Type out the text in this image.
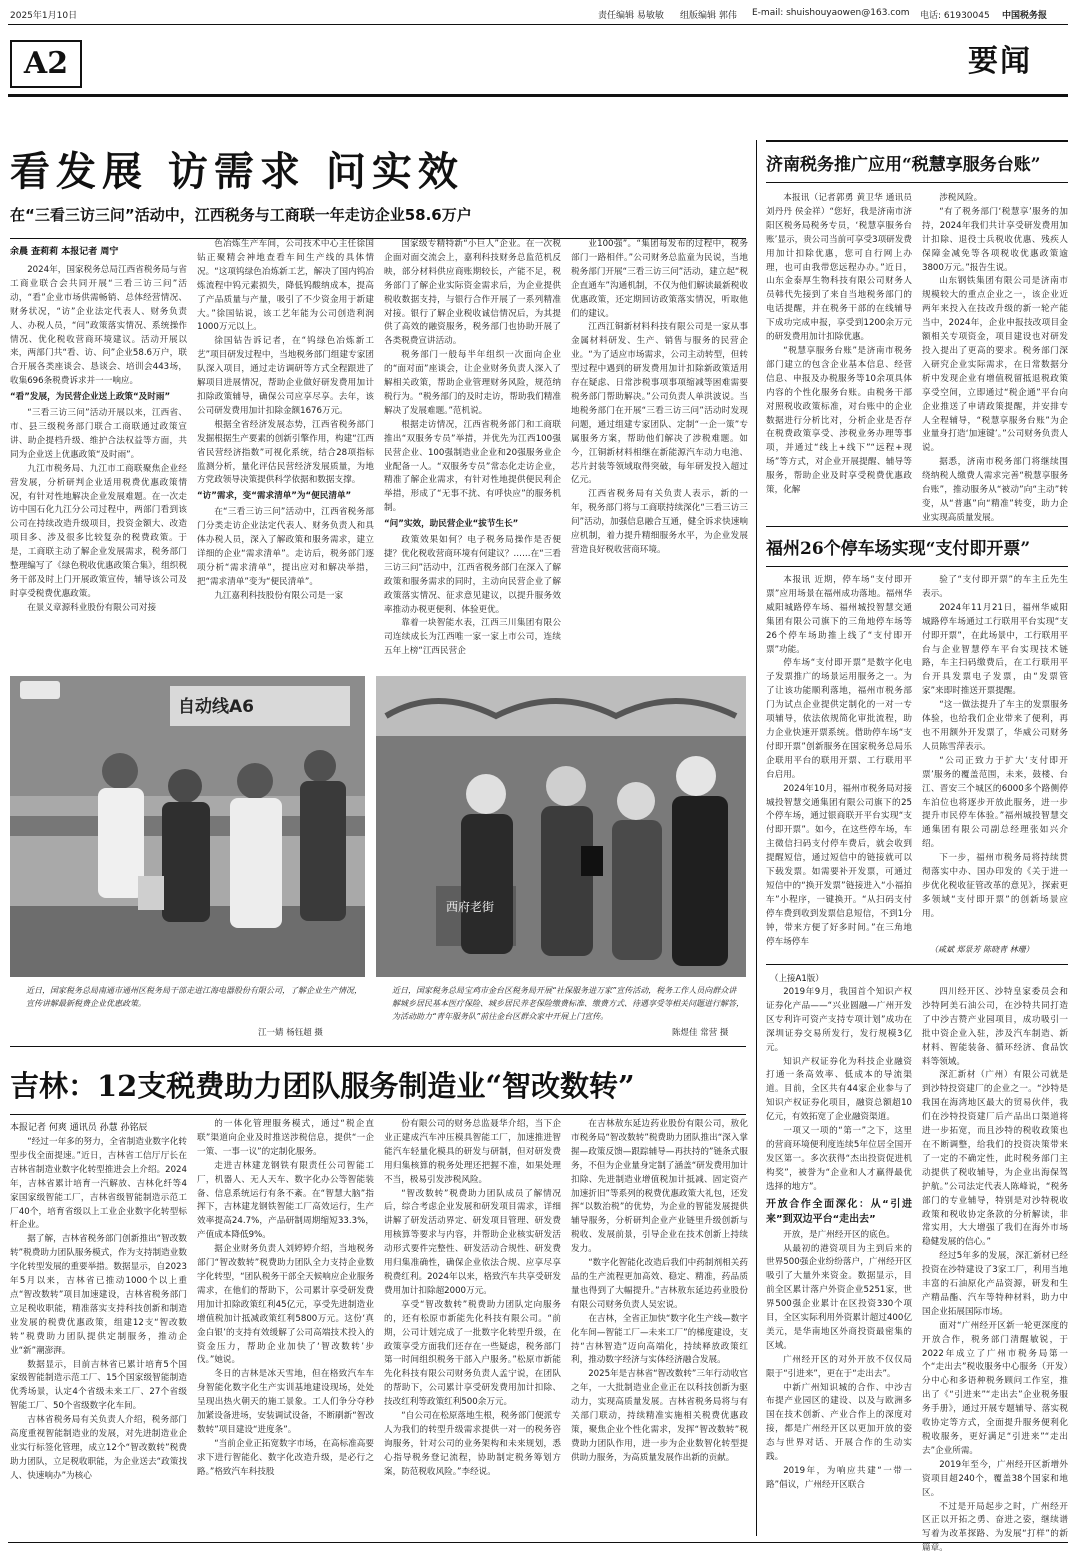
2025年1月10日	责任编辑 易敏敏 组版编辑 郭伟 E-mail: shuishouyaowen@163.com 电话: 61930045 中国税务报
A2	要闻
看发展 访需求 问实效
在“三看三访三问”活动中，江西税务与工商联一年走访企业58.6万户
余晨 查莉莉 本报记者 周宁

2024年，国家税务总局江西省税务局与省工商业联合会共同开展“三看三访三问”活动，“看”企业市场供需畅销、总体经营情况、财务状况，“访”企业法定代表人、财务负责人、办税人员，“问”政策落实情况、系统操作情况、优化税收营商环境建议。活动开展以来，两部门共“看、访、问”企业58.6万户，联合开展各类座谈会、恳谈会、培训会443场，收集696条税费诉求并一一响应。

“看”发展，为民营企业送上政策“及时雨”

“三看三访三问”活动开展以来，江西省、市、县三级税务部门联合工商联通过政策宣讲、助企提档升级、维护合法权益等方面，共同为企业送上优惠政策“及时雨”。

九江市税务局、九江市工商联聚焦企业经营发展，分析研判企业适用税费优惠政策情况，有针对性地解决企业发展难题。在一次走访中国石化九江分公司过程中，两部门看到该公司在持续改造升级项目，投资金额大、改造项目多、涉及很多比较复杂的税费政策。于是，工商联主动了解企业发展需求，税务部门整理编写了《绿色税收优惠政策合集》，组织税务干部及时上门开展政策宣传，辅导该公司及时享受税费优惠政策。

在景义章源科业股份有限公司对接

色冶炼生产车间，公司技术中心主任徐国钻正聚精会神地查看车间生产线的具体情况。“这项钨绿色冶炼新工艺，解决了国内钨冶炼流程中钨元素损失，降低钨酸纳成本，提高了产品质量与产量，吸引了不少资金用于新建大。”徐国钻说，该工艺年能为公司创造利润1000万元以上。

徐国钻告诉记者，在“钨绿色冶炼新工艺”项目研发过程中，当地税务部门组建专家团队深入项目，通过走访调研等方式全程跟进了解项目进展情况，帮助企业做好研发费用加计扣除政策辅导，确保公司应享尽享。去年，该公司研发费用加计扣除金额1676万元。

根据全省经济发展态势，江西省税务部门发掘根据生产要素的创新引擎作用，构建“江西省民营经济指数”可视化系统，结合28项指标监测分析，量化评估民营经济发展质量，为地方党政领导决策提供科学依据和数据支撑。

“访”需求，变“需求清单”为“便民清单”

在“三看三访三问”活动中，江西省税务部门分类走访企业法定代表人、财务负责人和具体办税人员，深入了解政策和服务需求，建立详细的企业“需求清单”。走访后，税务部门逐项分析“需求清单”，提出应对和解决举措，把“需求清单”变为“便民清单”。

九江嘉利科技股份有限公司是一家

国家级专精特新“小巨人”企业。在一次税企面对面交流会上，嘉利科技财务总监范机反映，部分材料供应商账期较长，产能不足，税务部门了解企业实际资金需求后，为企业提供税收数据支持，与银行合作开展了一系列精准对接。银行了解企业税收诚信情况后，为其提供了高效的融资服务，税务部门也协助开展了各类税费宣讲活动。

税务部门一般每半年组织一次面向企业的“面对面”座谈会，让企业财务负责人深入了解相关政策，帮助企业管理财务风险，规范纳税行为。“税务部门的及时走访，帮助我们精准解决了发展难题。”范机说。

根据走访情况，江西省税务部门和工商联推出“双服务专员”举措，并优先为江西100强民营企业、100强制造业企业和20强服务业企业配备一人。“双服务专员”常态化走访企业，精准了解企业需求，有针对性地提供便民利企举措，形成了“无事不扰、有呼快应”的服务机制。

“问”实效，助民营企业“拔节生长”

政策效果如何？电子税务局操作是否便捷？优化税收营商环境有何建议？……在“三看三访三问”活动中，江西省税务部门在深入了解政策和服务需求的同时，主动向民营企业了解政策落实情况、征求意见建议，以提升服务效率推动办税更便利、体验更优。

靠着一块智能水表，江西三川集团有限公司连续成长为江西唯一家一家上市公司，连续五年上榜“江西民营企

业100强”。“集团每发布的过程中，税务部门一路相伴。”公司财务总监童为民说，当地税务部门开展“三看三访三问”活动，建立起“税企直通车”沟通机制，不仅为他们解读最新税收优惠政策，还定期回访政策落实情况，听取他们的建议。

江西江铜新材料科技有限公司是一家从事金属材料研发、生产、销售与服务的民营企业。“为了适应市场需求，公司主动转型，但转型过程中遇到的研发费用加计扣除新政策适用存在疑虑、日常涉税事项事项缩减等困难需要税务部门帮助解决。”公司负责人单洪波说。当地税务部门在开展“三看三访三问”活动时发现问题，通过组建专家团队、定制“一企一策”专属服务方案，帮助他们解决了涉税难题。如今，江铜新材料相继在新能源汽车动力电池、芯片封装等领域取得突破，每年研发投入超过亿元。

江西省税务局有关负责人表示，新的一年，税务部门将与工商联持续深化“三看三访三问”活动，加强信息融合互通，健全诉求快速响应机制，着力提升精细服务水平，为企业发展营造良好税收营商环境。

自动线A6
西府老街
近日，国家税务总局南通市通州区税务局干部走进江海电器股份有限公司，了解企业生产情况，宣传讲解最新税费企业优惠政策。
江一婧 杨钰超 摄
近日，国家税务总局宝鸡市金台区税务局开展“社保服务进万家”宣传活动，税务工作人员向群众讲解城乡居民基本医疗保险、城乡居民养老保险缴费标准、缴费方式、待遇享受等相关问题进行解答，为活动助力“青年服务队”前往金台区群众家中开展上门宣传。
陈煜佳 常营 摄
吉林：12支税费助力团队服务制造业“智改数转”
本报记者 何爽 通讯员 孙慧 孙铭辰

“经过一年多的努力，全省制造业数字化转型步伐全面提速。”近日，吉林省工信厅厅长在吉林省制造业数字化转型推进会上介绍。2024年，吉林省累计培育一汽解放、吉林化纤等4家国家级智能工厂，吉林省级智能制造示范工厂40个，培育省级以上工业企业数字化转型标杆企业。

据了解，吉林省税务部门创新推出“智改数转”税费助力团队服务模式，作为支持制造业数字化转型发展的重要举措。数据显示，自2023年5月以来，吉林省已推动1000个以上重点“智改数转”项目加速建设，吉林省税务部门立足税收职能，精准落实支持科技创新和制造业发展的税费优惠政策，组建12支“智改数转”税费助力团队提供定制服务，推动企业“新”潮澎湃。

数据显示，目前吉林省已累计培育5个国家级智能制造示范工厂、15个国家级智能制造优秀场景，认定4个省级未来工厂、27个省级智能工厂、50个省级数字化车间。

吉林省税务局有关负责人介绍，税务部门高度重视智能制造业的发展，对先进制造业企业实行标签化管理，成立12个“智改数转”税费助力团队，立足税收职能，为企业送去“政策找人、快速响办”为核心

的一体化管理服务模式，通过“税企直联”渠道向企业及时推送涉税信息，提供“一企一策、一事一议”的定制化服务。

走进吉林建龙钢铁有限责任公司智能工厂，机器人、无人天车、数字化办公等智能装备、信息系统运行有条不紊。在“智慧大脑”指挥下，吉林建龙钢铁智能工厂高效运行，生产效率提高24.7%，产品研制周期缩短33.3%，产值成本降低9%。

据企业财务负责人刘婷婷介绍，当地税务部门“智改数转”税费助力团队全力支持企业数字化转型，“团队税务干部全天候响应企业服务需求，在他们的帮助下，公司累计享受研发费用加计扣除政策红利45亿元，享受先进制造业增值税加计抵减政策红利5800万元。这份‘真金白银’的支持有效缓解了公司高端技术投入的资金压力，帮助企业加快了‘智改数转’步伐。”她说。

冬日的吉林是冰天雪地，但在格致汽车车身智能化数字化生产实训基地建设现场，处处呈现出热火朝天的施工景象。工人们争分夺秒加紧设备进场，安装调试设备，不断刷新“智改数转”项目建设“进度条”。

“当前企业正拓宽数字市场，在高标准高要求下进行智能化、数字化改造升级，是必行之路。”格致汽车科技股

份有限公司的财务总监聂华介绍，当下企业正建成汽车冲压模具智能工厂，加速推进智能汽车轻量化模具的研发与研制，但对研发费用归集核算的税务处理还把握不准，如果处理不当，极易引发涉税风险。

“智改数转”税费助力团队成员了解情况后，综合考虑企业发展和研发项目需求，详细讲解了研发活动界定、研发项目管理、研发费用核算等要求与内容，并帮助企业核实研发活动形式要件完整性、研发活动合规性、研发费用归集准确性，确保企业依法合规、应享尽享税费红利。2024年以来，格致汽车共享受研发费用加计扣除超2000万元。

享受“智改数转”税费助力团队定向服务的，还有松原市新能先化科技有限公司。“前期，公司计划完成了一批数字化转型升级，在政策享受方面我们还存在一些疑虑，税务部门第一时间组织税务干部入户服务。”松原市新能先化科技有限公司财务负责人孟宁说，在团队的帮助下，公司累计享受研发费用加计扣除、技改红利等政策红利500余万元。

“自公司在松原落地生根，税务部门便派专人为我们的转型升级需求提供一对一的税务咨询服务，针对公司的业务架构和未来规划，悉心指导税务登记流程，协助制定税务筹划方案，防范税收风险。”李经说。

在吉林敖东延边药业股份有限公司，敖化市税务局“智改数转”税费助力团队推出“深入掌握—政策反馈—跟踪辅导—再扶持的”链条式服务，不但为企业量身定制了涵盖“研发费用加计扣除、先进制造业增值税加计抵减、固定资产加速折旧”等系列的税费优惠政策大礼包，还发挥“以数治税”的优势，为企业的智能发展提供辅导服务，分析研判企业产业链里升级创新与税收、发展前景，引导企业在技术创新上持续发力。

“数字化智能化改造后我们中药制剂相关药品的生产流程更加高效、稳定、精准，药品质量也得到了大幅提升。”吉林敖东延边药业股份有限公司财务负责人吴宏说。

在吉林，全省正加快“数字化生产线—数字化车间—智能工厂—未来工厂”的梯度建设，支持“吉林智造”迈向高端化，持续释放政策红利，推动数字经济与实体经济融合发展。

2025年是吉林省“智改数转”三年行动收官之年，一大批制造业企业正在以科技创新为驱动力，实现高质量发展。吉林省税务局将与有关部门联动，持续精准实施相关税费优惠政策，聚焦企业个性化需求，发挥“智改数转”税费助力团队作用，进一步为企业数智化转型提供助力服务，为高质量发展作出新的贡献。

济南税务推广应用“税慧享服务台账”

本报讯（记者郭勇 黄卫华 通讯员刘丹丹 侯金祥）“您好，我是济南市济阳区税务局税务专员，‘税慧享服务台账’显示，贵公司当前可享受3项研发费用加计扣除优惠，您可自行网上办理，也可由我带您远程办办。”近日，山东金泰厚生物科技有限公司财务人员韩代先接到了来自当地税务部门的电话提醒，并在税务干部的在线辅导下成功完成申报，享受到1200余万元的研发费用加计扣除优惠。

“税慧享服务台账”是济南市税务部门建立的包含企业基本信息、经营信息、申报及办税服务等10余项具体内容的个性化服务台账。由税务干部对照税收政策标准，对台账中的企业数据进行分析比对，分析企业是否存在税费政策享受、涉税业务办理等事项，并通过“线上+线下”“远程+现场”等方式，对企业开展提醒、辅导等服务，帮助企业及时享受税费优惠政策，化解

涉税风险。

“有了税务部门‘税慧享’服务的加持，2024年我们共计享受研发费用加计扣除、退役士兵税收优惠、残疾人保障金减免等各项税收优惠政策逾3800万元。”报告生说。

山东钢铁集团有限公司是济南市规模较大的重点企业之一，该企业近两年来投入在技改升级的新一轮产能当中，2024年，企业申报技改项目金额相关专项资金，项目建设也对研发投入提出了更高的要求。税务部门深入研究企业实际需求，在日常数据分析中发现企业有增值税留抵退税政策享受空间，立即通过“税企通”平台向企业推送了申请政策提醒，并安排专人全程辅导，“税慧享服务台账”为企业量身打造‘加速键’。”公司财务负责人说。

据悉，济南市税务部门将继续围绕纳税人缴费人需求完善“税慧享服务台账”，推动服务从“被动”向“主动”转变，从“普惠”向“精准”转变，助力企业实现高质量发展。

福州26个停车场实现“支付即开票”

本报讯 近期，停车场“支付即开票”应用场景在福州成功落地。福州华威阳城路停车场、福州城投智慧交通集团有限公司旗下的三角地停车场等26个停车场助推上线了“支付即开票”功能。

停车场“支付即开票”是数字化电子发票推广的场景运用服务之一。为了让该功能顺利落地，福州市税务部门为试点企业提供定制化的一对一专项辅导，依法依规简化审批流程，助力企业快速开票系统。借助停车场“支付即开票”创新服务在国家税务总局乐企联用平台的联用开票、工行联用平台启用。

2024年10月，福州市税务局对接城投智慧交通集团有限公司旗下的25个停车场，通过银商联开平台实现“支付即开票”。如今，在这些停车场，车主微信扫码支付停车费后，就会收到提醒短信，通过短信中的链接就可以下载发票。如需要补开发票，可通过短信中的“换开发票”链接进入“小福拍车”小程序，一键换开。“从扫码支付停车费到收到发票信息短信，不到1分钟，带来方便了好多时间。”在三角地停车场停车

验了“支付即开票”的车主丘先生表示。

2024年11月21日，福州华威阳城路停车场通过工行联用平台实现“支付即开票”，在此场景中，工行联用平台与企业智慧停车平台实现技术链路，车主扫码缴费后，在工行联用平台开具发票电子发票，由“发票管家”来即时推送开票提醒。

“这一做法提升了车主的发票服务体验，也给我们企业带来了便利，再也不用额外开发票了，华威公司财务人员陈雪萍表示。

“公司正致力于扩大‘支付即开票’服务的覆盖范围，未来，鼓楼、台江、晋安三个城区的6000多个路侧停车泊位也将逐步开放此服务，进一步提升市民停车体验。”福州城投智慧交通集团有限公司副总经理张如兴介绍。

下一步，福州市税务局将持续贯彻落实中办、国办印发的《关于进一步优化税收征管改革的意见》，探索更多领域“支付即开票”的创新场景应用。

（咸斌 郑景芳 陈晓青 林珊）
（上接A1版）

2019年9月，我国首个知识产权证券化产品——“兴业圆融—广州开发区专利许可资产支持专项计划”成功在深圳证券交易所发行，发行规模3亿元。

知识产权证券化为科技企业融资打通一条高效率、低成本的导流渠道。目前，全区共有44家企业参与了知识产权证券化项目，融资总额超10亿元，有效拓宽了企业融资渠道。

一项又一项的“第一”之下，这里的营商环境便利度连续5年位居全国开发区第一。多次获得“杰出投资促进机构奖”，被誉为“企业和人才赢得最优选择的地方”。

开放合作全面深化：从“引进来”到双边平台“走出去”

开放，是广州经开区的底色。

从最初的港资项目为主到后来的世界500强企业纷纷落户，广州经开区吸引了大量外来资金。数据显示，目前全区累计落户外资企业5251家，世界500强企业累计在区投资330个项目，全区实际利用外资累计超过400亿美元，是华南地区外商投资最密集的区域。

广州经开区的对外开放不仅仅局限于“引进来”，更在于“走出去”。

中新广州知识城的合作、中沙吉布提产业园区的建设、以及与欧洲多国在技术创新、产业合作上的深度对接，都是广州经开区以更加开放的姿态与世界对话、开展合作的生动实践。

2019年，为响应共建“一带一路”倡议，广州经开区联合

四川经开区、沙特皇家委员会和沙特阿美石油公司，在沙特共同打造了中沙吉赞产业园项目，成功吸引一批中资企业入驻，涉及汽车制造、新材料、智能装备、循环经济、食品饮料等领域。

深汇新材（广州）有限公司就是到沙特投资建厂的企业之一。“沙特是我国在海湾地区最大的贸易伙伴，我们在沙特投资建厂后产品出口渠道将进一步拓宽，而且沙特的税收政策也在不断调整，给我们的投资决策带来了一定的不确定性，此时税务部门主动提供了税收辅导，为企业出海保驾护航。”公司法定代表人陈峰说，“税务部门的专业辅导，特别是对沙特税收政策和税收协定条款的分析解读，非常实用，大大增强了我们在海外市场稳健发展的信心。”

经过5年多的发展，深汇新材已经投资在沙特建设了3家工厂，利用当地丰富的石油原化产品资源，研发和生产精品酯、汽车等特种材料，助力中国企业拓展国际市场。

面对“广州经开区新一轮更深度的开放合作，税务部门清醒敏锐，于2022年成立了广州市税务局第一个“走出去”税收服务中心服务（开发）分中心和多语种税务顾问工作室，推出了《“引进来”“走出去”企业税务服务手册》，通过开展专题辅导、落实税收协定等方式，全面提升服务便利化税收服务，更好满足“引进来”“走出去”企业所需。

2019年至今，广州经开区新增外资项目超240个，覆盖38个国家和地区。

不过是开局起步之时，广州经开区正以开拓之勇、奋进之姿，继续谱写着为改革探路、为发展“打样”的新篇章。
